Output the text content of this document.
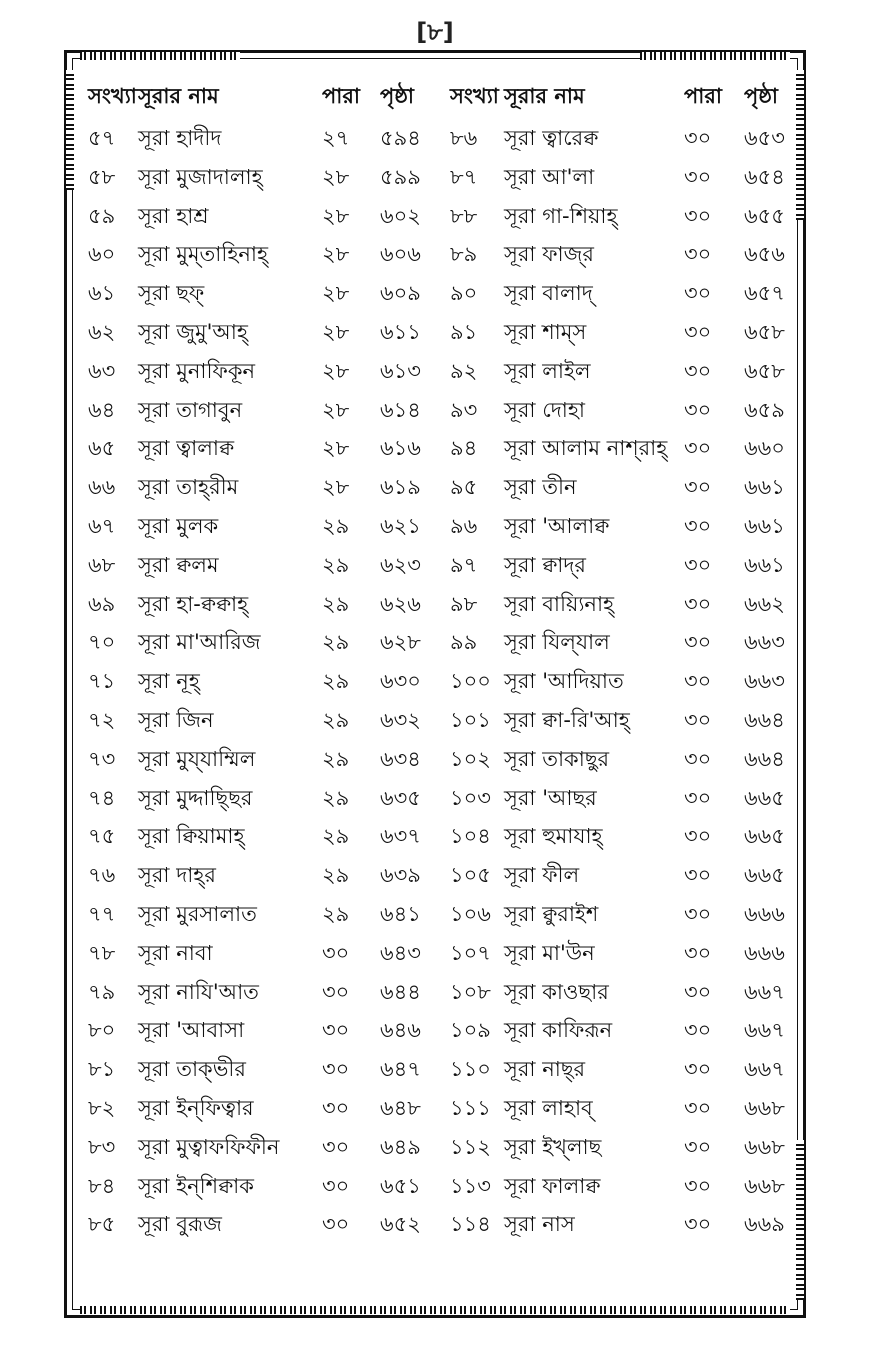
[৮]
সংখ্যা সূরার নাম	পারা পৃষ্ঠা সংখ্যা সূরার নাম	পারা পৃষ্ঠা
৫৭ সূরা হাদীদ	২৭ ৫৯৪ ৮৬ সূরা ত্বারেক্ব	৩০ ৬৫৩
৫৮ সূরা মুজাদালাহ্	২৮ ৫৯৯ ৮৭ সূরা আ'লা	৩০ ৬৫৪
৫৯ সূরা হাশ্র	২৮ ৬০২ ৮৮ সূরা গা-শিয়াহ্	৩০ ৬৫৫
৬০ সূরা মুম্‌তাহিনাহ্	২৮ ৬০৬ ৮৯ সূরা ফাজ্‌র	৩০ ৬৫৬
৬১ সূরা ছফ্	২৮ ৬০৯ ৯০ সূরা বালাদ্	৩০ ৬৫৭
৬২ সূরা জুমু'আহ্	২৮ ৬১১ ৯১ সূরা শাম্‌স	৩০ ৬৫৮
৬৩ সূরা মুনাফিকূন	২৮ ৬১৩ ৯২ সূরা লাইল	৩০ ৬৫৮
৬৪ সূরা তাগাবুন	২৮ ৬১৪ ৯৩ সূরা দোহা	৩০ ৬৫৯
৬৫ সূরা ত্বালাক্ব	২৮ ৬১৬ ৯৪ সূরা আলাম নাশ্‌রাহ্ ৩০ ৬৬০
৬৬ সূরা তাহ্‌রীম	২৮ ৬১৯ ৯৫ সূরা তীন	৩০ ৬৬১
৬৭ সূরা মুলক	২৯ ৬২১ ৯৬ সূরা 'আলাক্ব	৩০ ৬৬১
৬৮ সূরা ক্বলম	২৯ ৬২৩ ৯৭ সূরা ক্বাদ্‌র	৩০ ৬৬১
৬৯ সূরা হা-ক্বক্বাহ্	২৯ ৬২৬ ৯৮ সূরা বায়্যিনাহ্	৩০ ৬৬২
৭০ সূরা মা'আরিজ	২৯ ৬২৮ ৯৯ সূরা যিল্‌যাল	৩০ ৬৬৩
৭১ সূরা নূহ্	২৯ ৬৩০ ১০০ সূরা 'আদিয়াত	৩০ ৬৬৩
৭২ সূরা জিন	২৯ ৬৩২ ১০১ সূরা ক্বা-রি'আহ্	৩০ ৬৬৪
৭৩ সূরা মুয্‌যাম্মিল	২৯ ৬৩৪ ১০২ সূরা তাকাছুর	৩০ ৬৬৪
৭৪ সূরা মুদ্দাছ্ছির	২৯ ৬৩৫ ১০৩ সূরা 'আছর	৩০ ৬৬৫
৭৫ সূরা ক্বিয়ামাহ্	২৯ ৬৩৭ ১০৪ সূরা হুমাযাহ্	৩০ ৬৬৫
৭৬ সূরা দাহ্‌র	২৯ ৬৩৯ ১০৫ সূরা ফীল	৩০ ৬৬৫
৭৭ সূরা মুরসালাত	২৯ ৬৪১ ১০৬ সূরা ক্বুরাইশ	৩০ ৬৬৬
৭৮ সূরা নাবা	৩০ ৬৪৩ ১০৭ সূরা মা'উন	৩০ ৬৬৬
৭৯ সূরা নাযি'আত	৩০ ৬৪৪ ১০৮ সূরা কাওছার	৩০ ৬৬৭
৮০ সূরা 'আবাসা	৩০ ৬৪৬ ১০৯ সূরা কাফিরূন	৩০ ৬৬৭
৮১ সূরা তাক্‌ভীর	৩০ ৬৪৭ ১১০ সূরা নাছ্‌র	৩০ ৬৬৭
৮২ সূরা ইন্‌ফিত্বার	৩০ ৬৪৮ ১১১ সূরা লাহাব্	৩০ ৬৬৮
৮৩ সূরা মুত্বাফফিফীন ৩০ ৬৪৯ ১১২ সূরা ইখ্‌লাছ	৩০ ৬৬৮
৮৪ সূরা ইন্‌শিক্বাক	৩০ ৬৫১ ১১৩ সূরা ফালাক্ব	৩০ ৬৬৮
৮৫ সূরা বুরূজ	৩০ ৬৫২ ১১৪ সূরা নাস	৩০ ৬৬৯
